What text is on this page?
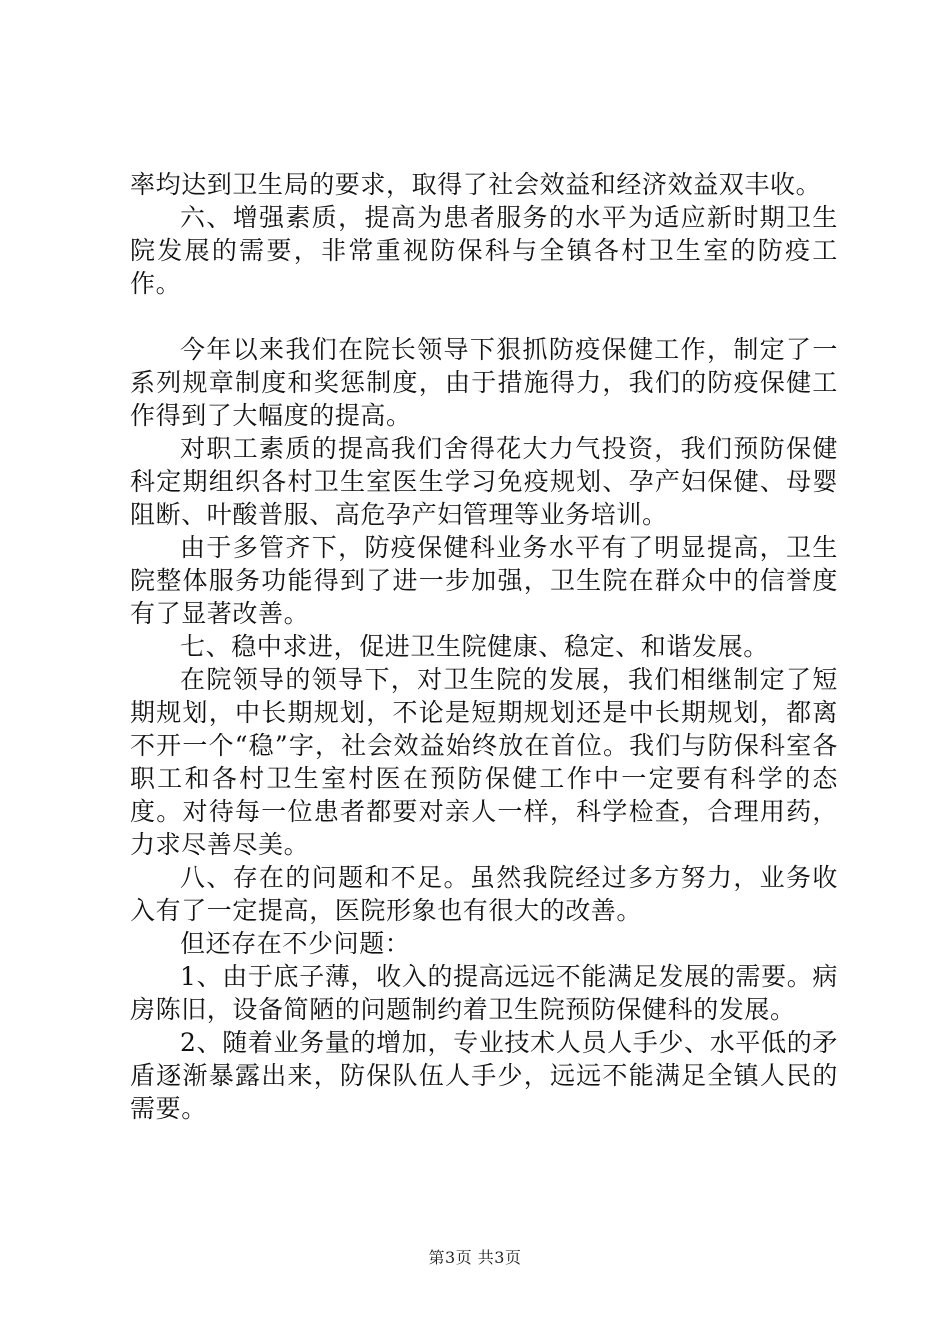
率均达到卫生局的要求，取得了社会效益和经济效益双丰收。

六、增强素质，提高为患者服务的水平为适应新时期卫生院发展的需要，非常重视防保科与全镇各村卫生室的防疫工作。

今年以来我们在院长领导下狠抓防疫保健工作，制定了一系列规章制度和奖惩制度，由于措施得力，我们的防疫保健工作得到了大幅度的提高。

对职工素质的提高我们舍得花大力气投资，我们预防保健科定期组织各村卫生室医生学习免疫规划、孕产妇保健、母婴阻断、叶酸普服、高危孕产妇管理等业务培训。

由于多管齐下，防疫保健科业务水平有了明显提高，卫生院整体服务功能得到了进一步加强，卫生院在群众中的信誉度有了显著改善。

七、稳中求进，促进卫生院健康、稳定、和谐发展。

在院领导的领导下，对卫生院的发展，我们相继制定了短期规划，中长期规划，不论是短期规划还是中长期规划，都离不开一个“稳”字，社会效益始终放在首位。我们与防保科室各职工和各村卫生室村医在预防保健工作中一定要有科学的态度。对待每一位患者都要对亲人一样，科学检查，合理用药，力求尽善尽美。

八、存在的问题和不足。虽然我院经过多方努力，业务收入有了一定提高，医院形象也有很大的改善。

但还存在不少问题：

1、由于底子薄，收入的提高远远不能满足发展的需要。病房陈旧，设备简陋的问题制约着卫生院预防保健科的发展。

2、随着业务量的增加，专业技术人员人手少、水平低的矛盾逐渐暴露出来，防保队伍人手少，远远不能满足全镇人民的需要。

第3页 共3页
